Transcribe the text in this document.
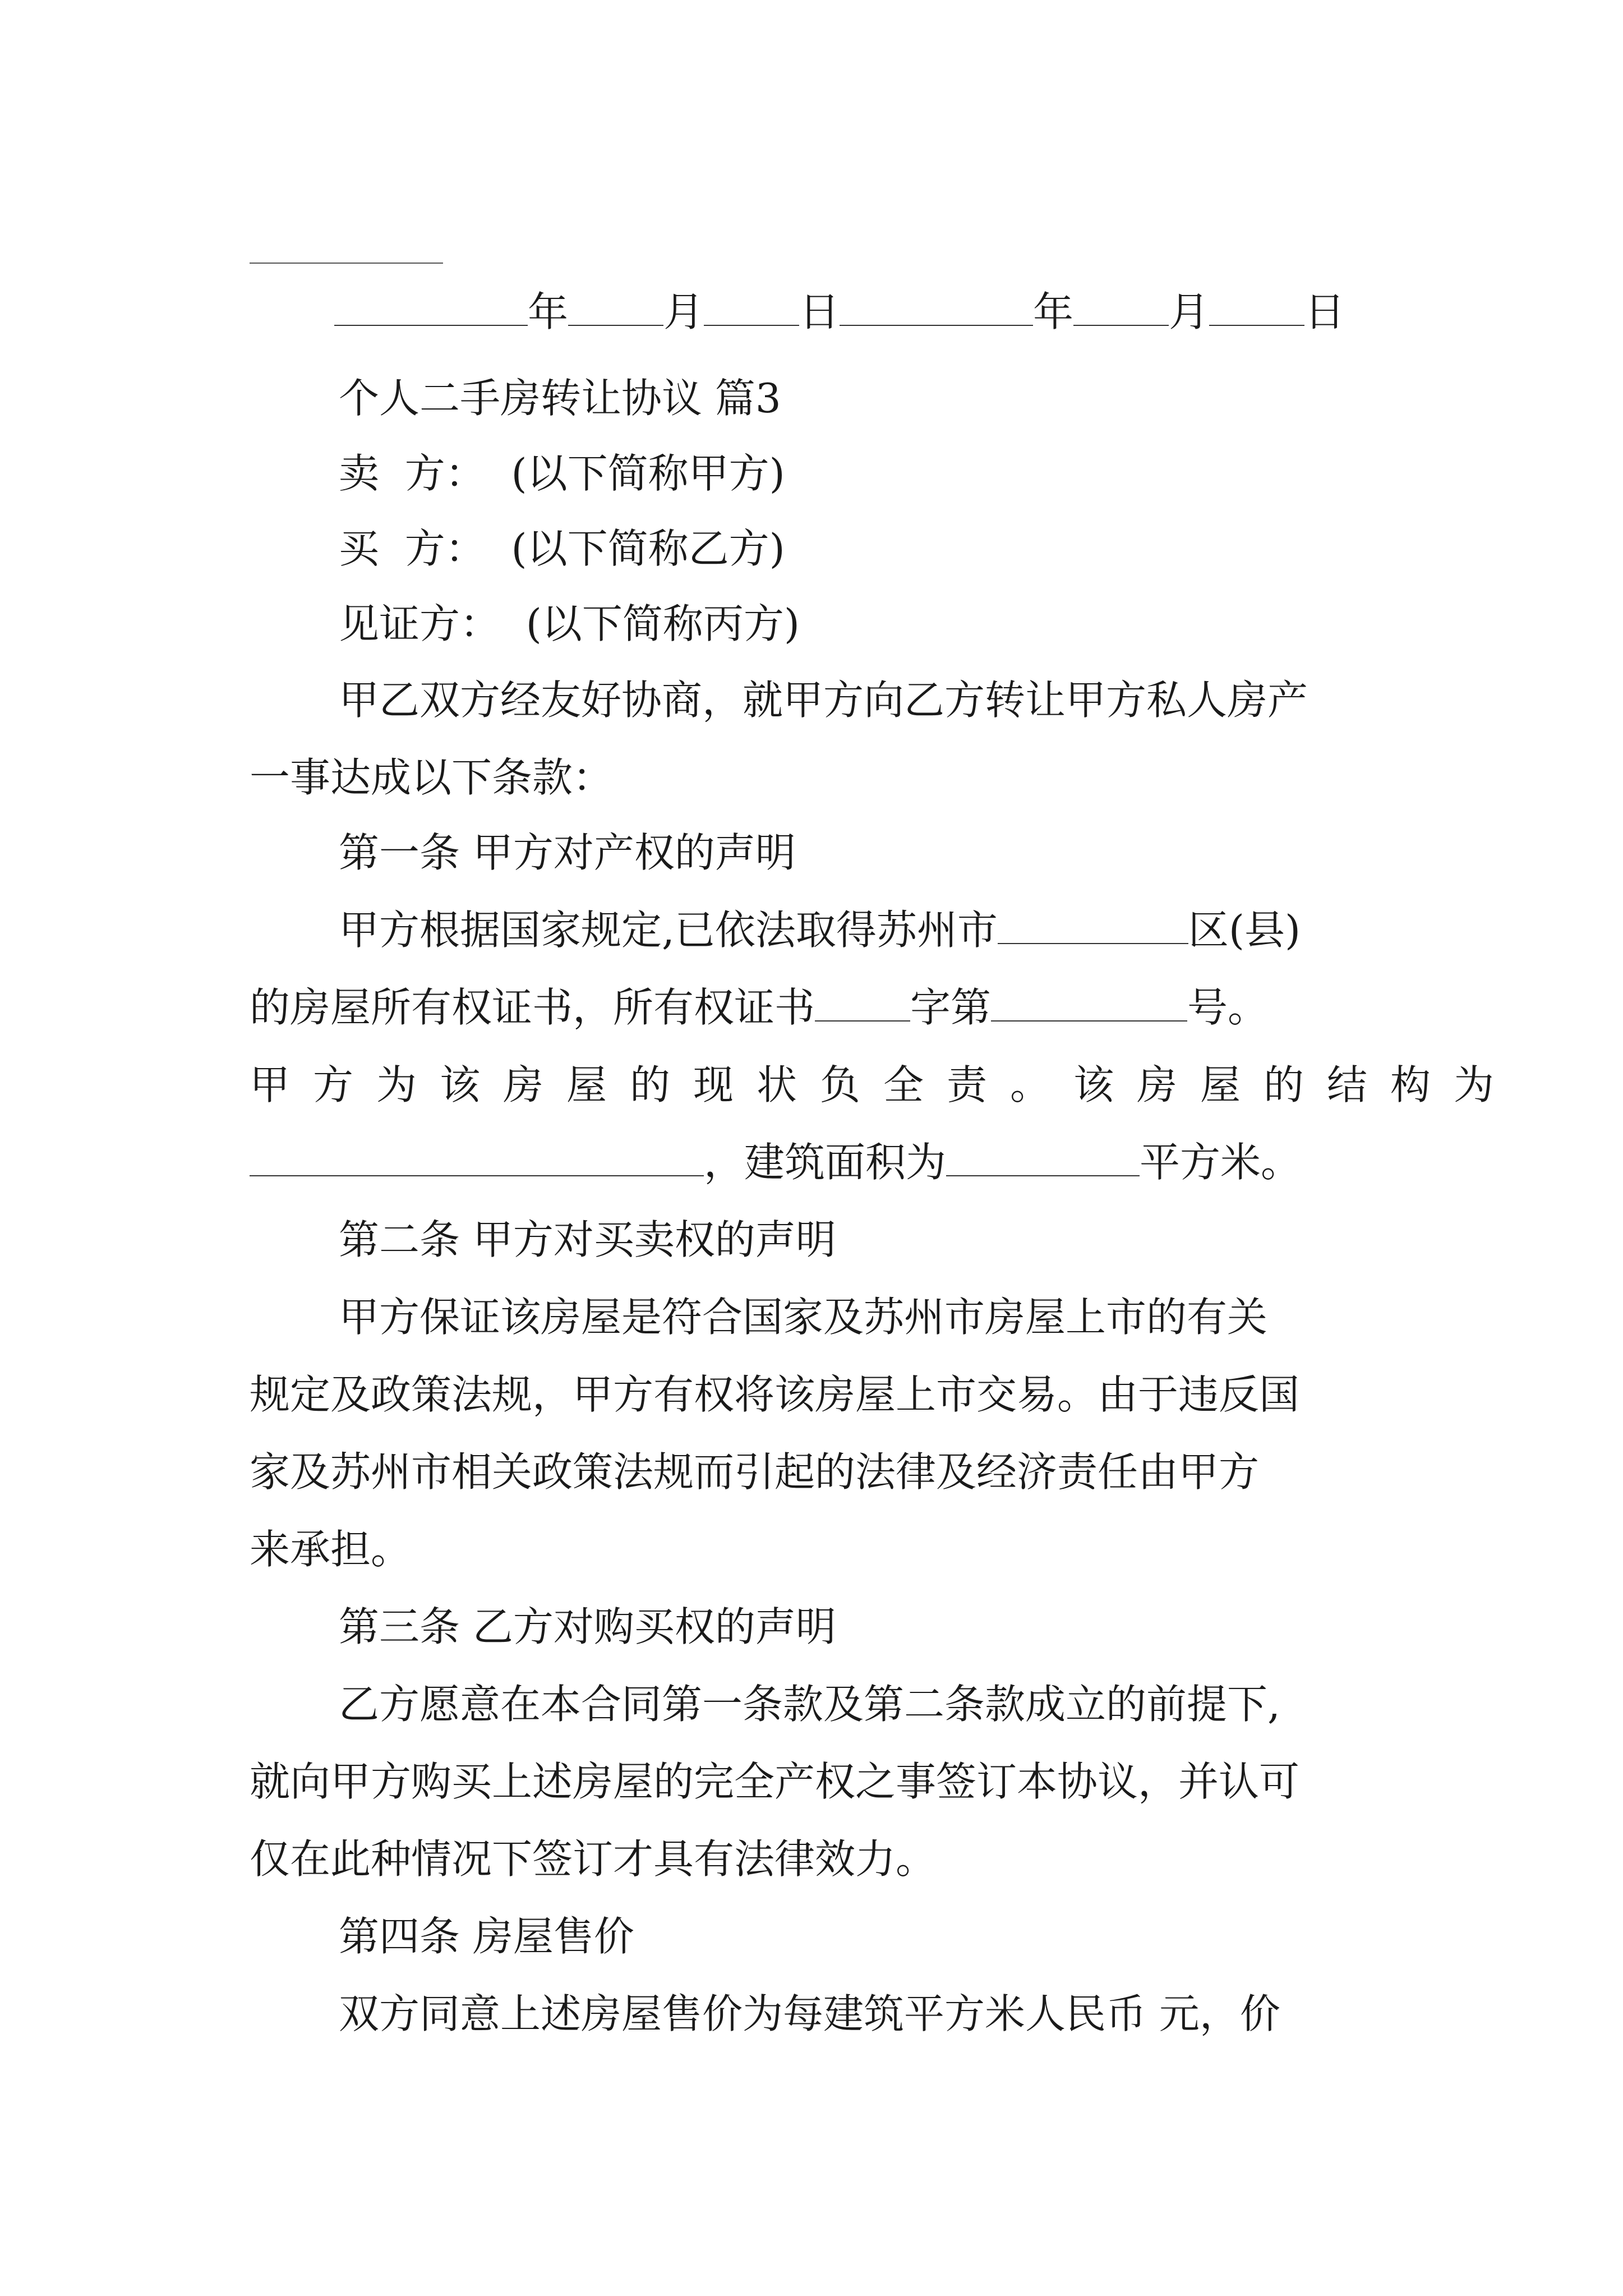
年 月 日	年 月 日
个人二手房转让协议 篇3
卖  方：  (以下简称甲方)
买  方：  (以下简称乙方)
见证方：  (以下简称丙方)
甲乙双方经友好协商，就甲方向乙方转让甲方私人房产
一事达成以下条款：
第一条 甲方对产权的声明
甲方根据国家规定,已依法取得苏州市	区(县)
的房屋所有权证书，所有权证书 字第	号。
甲方为该房屋的现状负全责。该房屋的结构为
，建筑面积为	平方米。
第二条 甲方对买卖权的声明
甲方保证该房屋是符合国家及苏州市房屋上市的有关
规定及政策法规，甲方有权将该房屋上市交易。由于违反国
家及苏州市相关政策法规而引起的法律及经济责任由甲方
来承担。
第三条 乙方对购买权的声明
乙方愿意在本合同第一条款及第二条款成立的前提下,
就向甲方购买上述房屋的完全产权之事签订本协议，并认可
仅在此种情况下签订才具有法律效力。
第四条 房屋售价
双方同意上述房屋售价为每建筑平方米人民币 元，价
